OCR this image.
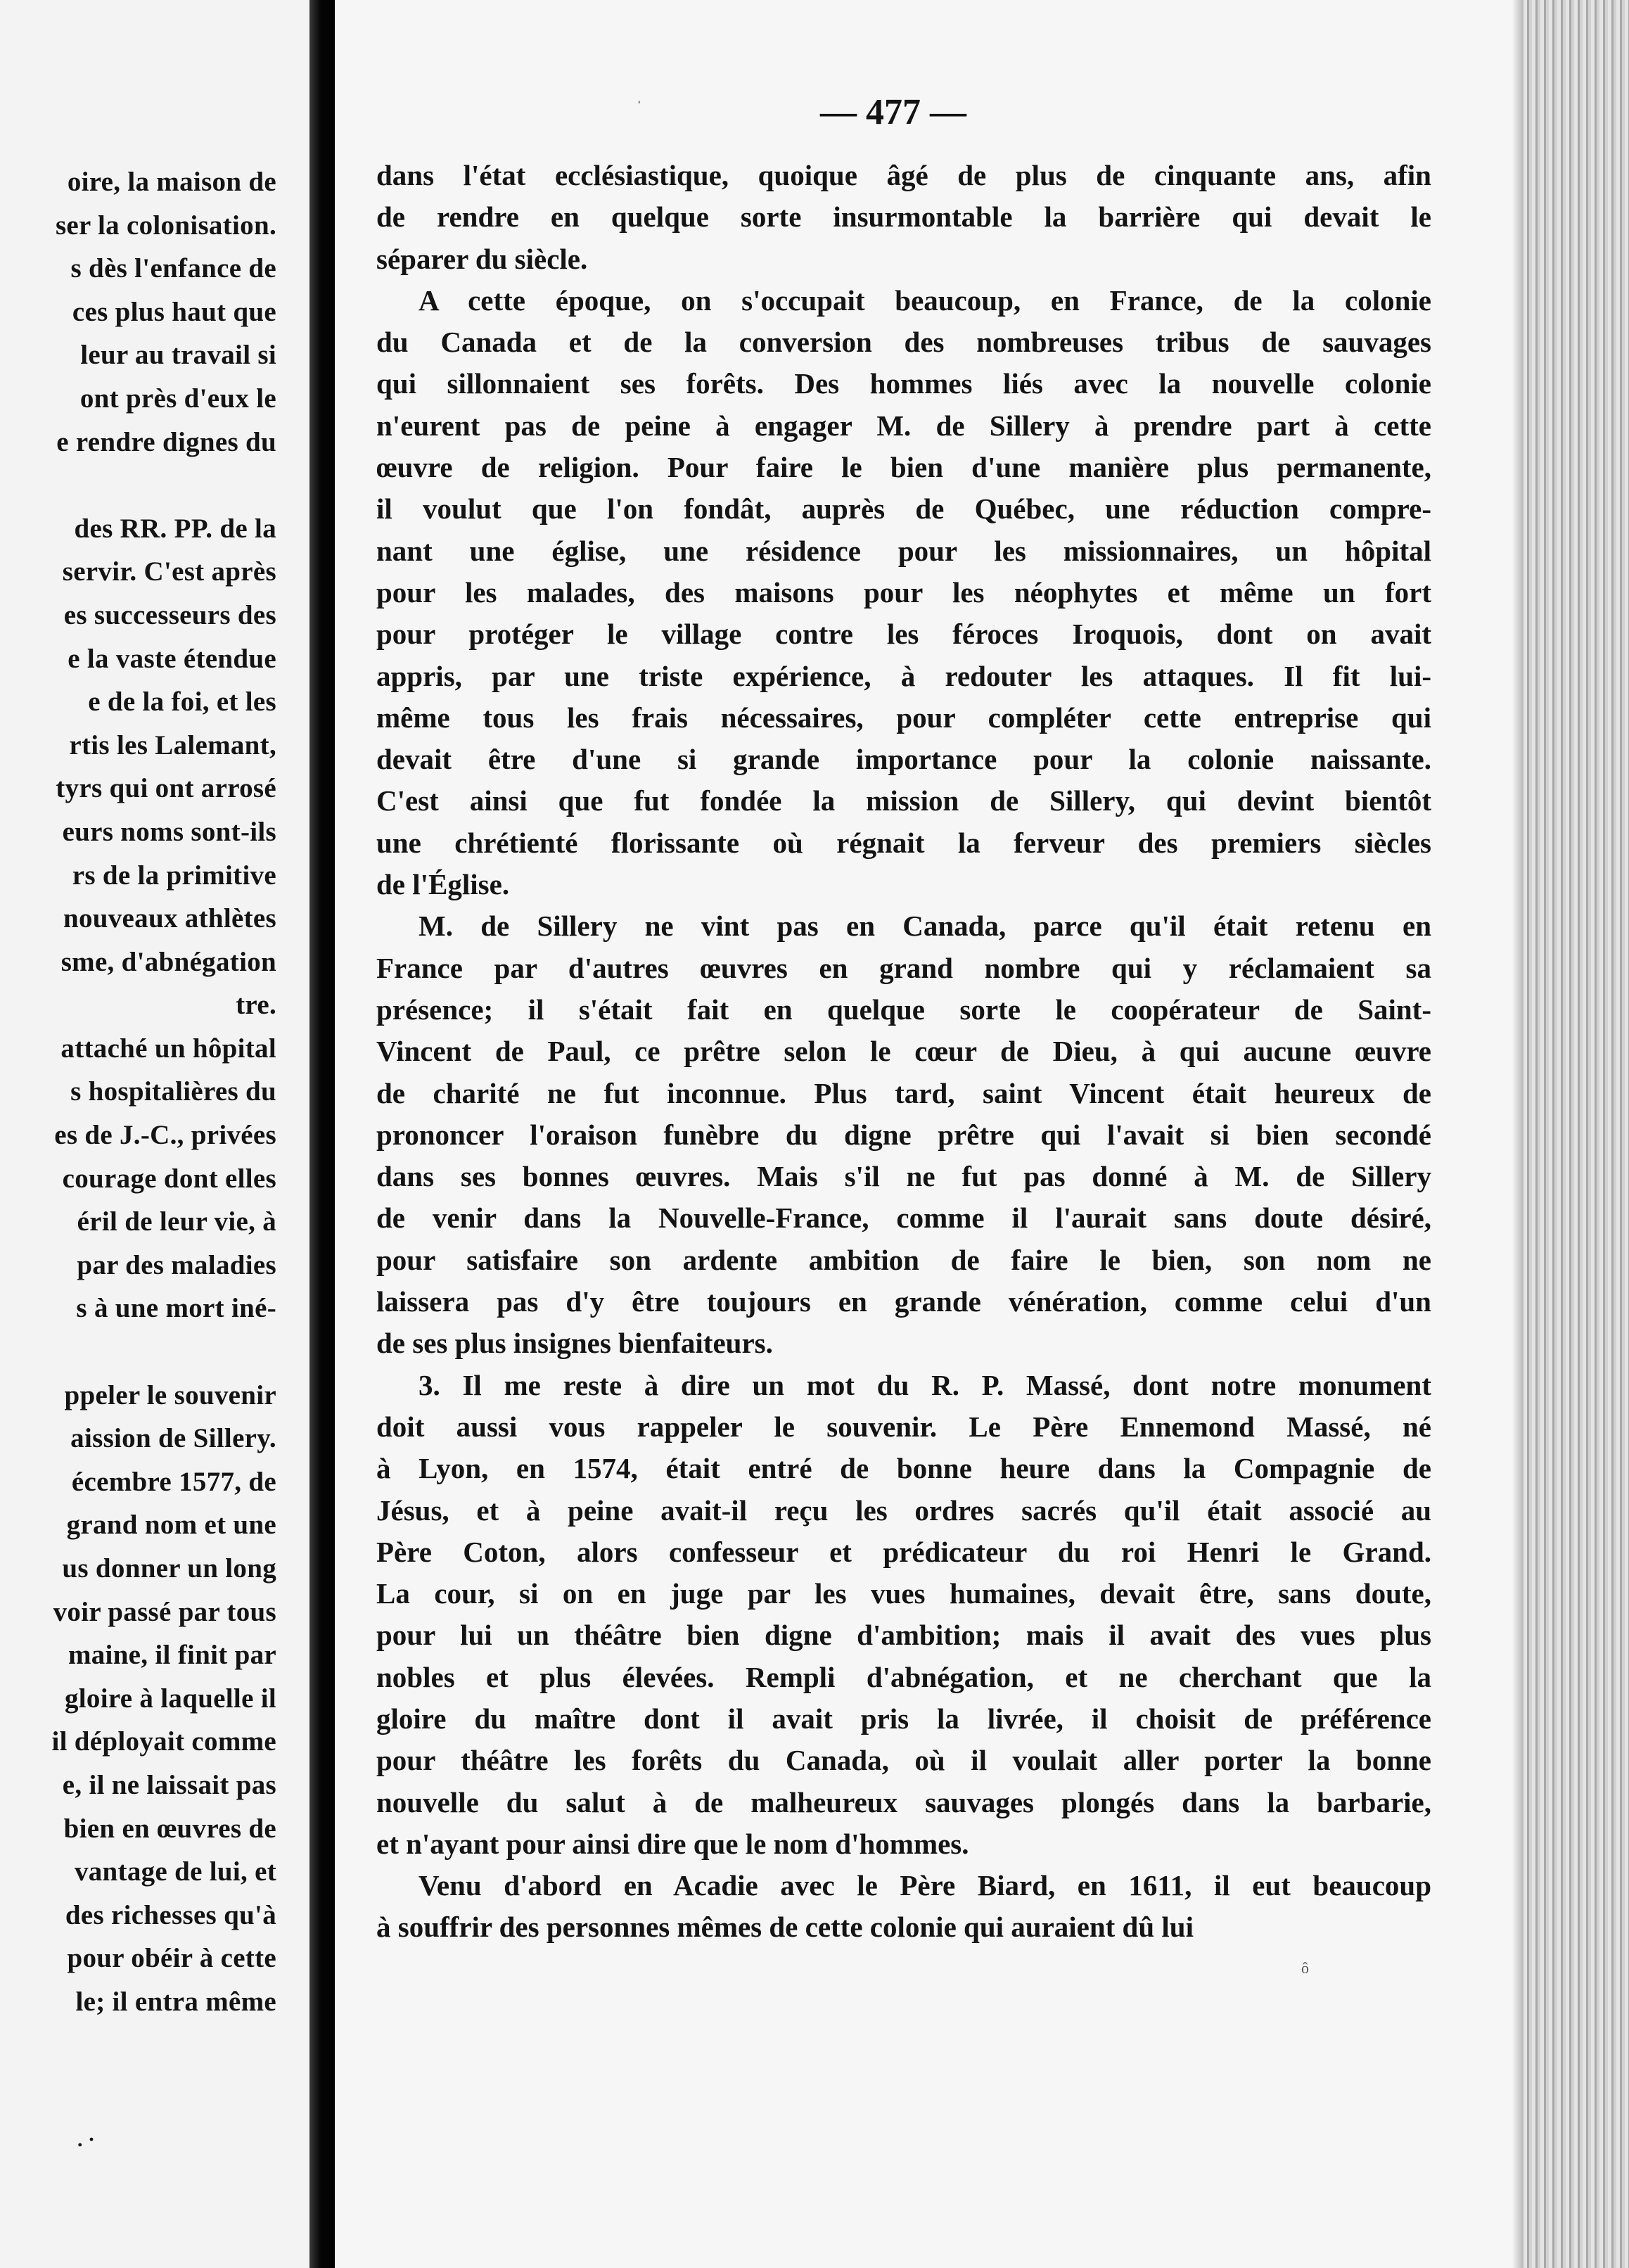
oire, la maison de
ser la colonisation.
s dès l'enfance de
ces plus haut que
leur au travail si
ont près d'eux le
e rendre dignes du
des RR. PP. de la
servir. C'est après
es successeurs des
e la vaste étendue
e de la foi, et les
rtis les Lalemant,
tyrs qui ont arrosé
eurs noms sont-ils
rs de la primitive
nouveaux athlètes
sme, d'abnégation
tre.
attaché un hôpital
s hospitalières du
es de J.-C., privées
courage dont elles
éril de leur vie, à
par des maladies
s à une mort iné-
ppeler le souvenir
aission de Sillery.
écembre 1577, de
grand nom et une
us donner un long
voir passé par tous
maine, il finit par
gloire à laquelle il
il déployait comme
e, il ne laissait pas
bien en œuvres de
vantage de lui, et
des richesses qu'à
pour obéir à cette
le; il entra même
. ·
ˌ	— 477 —
dans l'état ecclésiastique, quoique âgé de plus de cinquante ans, afin
de rendre en quelque sorte insurmontable la barrière qui devait le
séparer du siècle.
A cette époque, on s'occupait beaucoup, en France, de la colonie
du Canada et de la conversion des nombreuses tribus de sauvages
qui sillonnaient ses forêts. Des hommes liés avec la nouvelle colonie
n'eurent pas de peine à engager M. de Sillery à prendre part à cette
œuvre de religion. Pour faire le bien d'une manière plus permanente,
il voulut que l'on fondât, auprès de Québec, une réduction compre-
nant une église, une résidence pour les missionnaires, un hôpital
pour les malades, des maisons pour les néophytes et même un fort
pour protéger le village contre les féroces Iroquois, dont on avait
appris, par une triste expérience, à redouter les attaques. Il fit lui-
même tous les frais nécessaires, pour compléter cette entreprise qui
devait être d'une si grande importance pour la colonie naissante.
C'est ainsi que fut fondée la mission de Sillery, qui devint bientôt
une chrétienté florissante où régnait la ferveur des premiers siècles
de l'Église.
M. de Sillery ne vint pas en Canada, parce qu'il était retenu en
France par d'autres œuvres en grand nombre qui y réclamaient sa
présence; il s'était fait en quelque sorte le coopérateur de Saint-
Vincent de Paul, ce prêtre selon le cœur de Dieu, à qui aucune œuvre
de charité ne fut inconnue. Plus tard, saint Vincent était heureux de
prononcer l'oraison funèbre du digne prêtre qui l'avait si bien secondé
dans ses bonnes œuvres. Mais s'il ne fut pas donné à M. de Sillery
de venir dans la Nouvelle-France, comme il l'aurait sans doute désiré,
pour satisfaire son ardente ambition de faire le bien, son nom ne
laissera pas d'y être toujours en grande vénération, comme celui d'un
de ses plus insignes bienfaiteurs.
3. Il me reste à dire un mot du R. P. Massé, dont notre monument
doit aussi vous rappeler le souvenir. Le Père Ennemond Massé, né
à Lyon, en 1574, était entré de bonne heure dans la Compagnie de
Jésus, et à peine avait-il reçu les ordres sacrés qu'il était associé au
Père Coton, alors confesseur et prédicateur du roi Henri le Grand.
La cour, si on en juge par les vues humaines, devait être, sans doute,
pour lui un théâtre bien digne d'ambition; mais il avait des vues plus
nobles et plus élevées. Rempli d'abnégation, et ne cherchant que la
gloire du maître dont il avait pris la livrée, il choisit de préférence
pour théâtre les forêts du Canada, où il voulait aller porter la bonne
nouvelle du salut à de malheureux sauvages plongés dans la barbarie,
et n'ayant pour ainsi dire que le nom d'hommes.
Venu d'abord en Acadie avec le Père Biard, en 1611, il eut beaucoup
à souffrir des personnes mêmes de cette colonie qui auraient dû lui
ô
